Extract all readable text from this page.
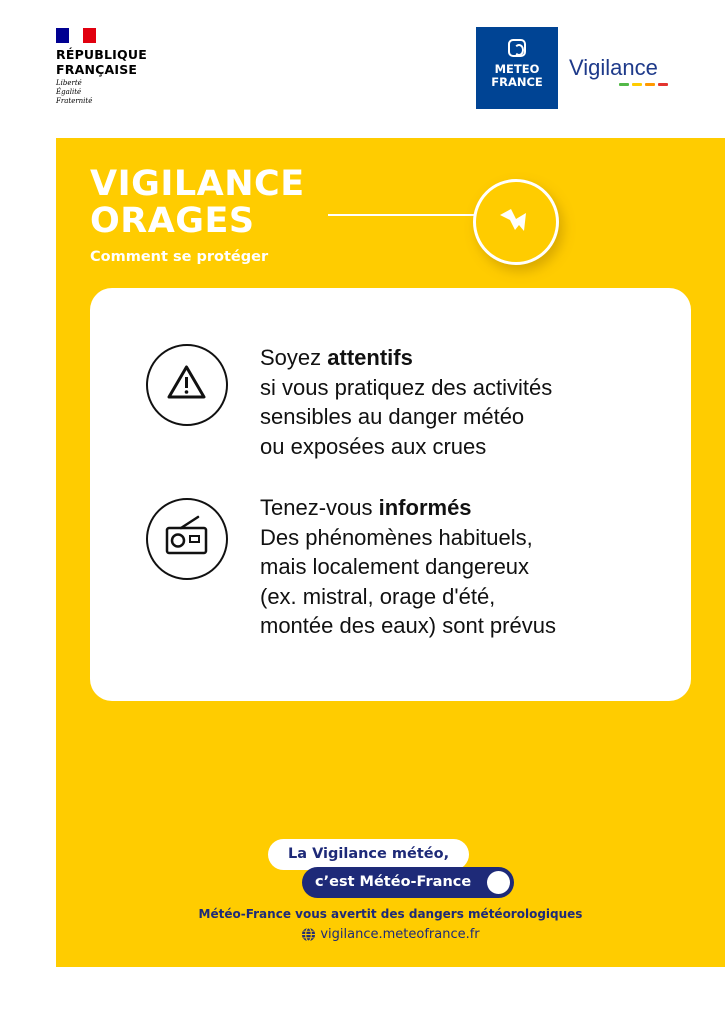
RÉPUBLIQUE
FRANÇAISE
Liberté
Égalité
Fraternité
METEO
FRANCE
Vigilance
VIGILANCE
ORAGES

Comment se protéger

Soyez attentifs
si vous pratiquez des activités
sensibles au danger météo
ou exposées aux crues
Tenez-vous informés
Des phénomènes habituels,
mais localement dangereux
(ex. mistral, orage d'été,
montée des eaux) sont prévus
La Vigilance météo,
c’est Météo-France

Météo-France vous avertit des dangers météorologiques

vigilance.meteofrance.fr
